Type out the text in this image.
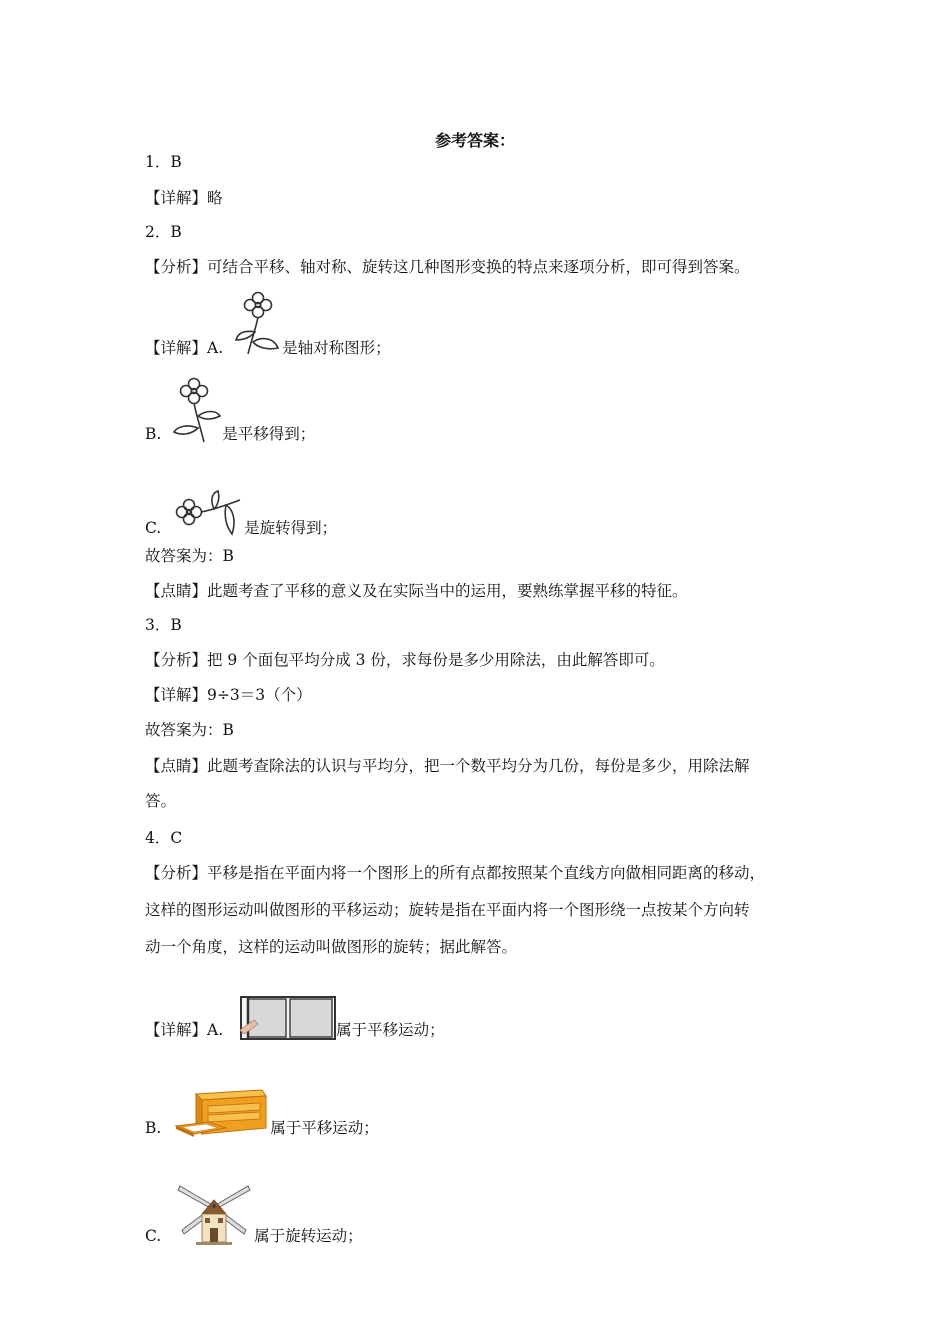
参考答案：
1．B
【详解】略
2．B
【分析】可结合平移、轴对称、旋转这几种图形变换的特点来逐项分析，即可得到答案。
【详解】A.	是轴对称图形；
B.	是平移得到；
C.	是旋转得到；
故答案为：B
【点睛】此题考查了平移的意义及在实际当中的运用，要熟练掌握平移的特征。
3．B
【分析】把 9 个面包平均分成 3 份，求每份是多少用除法，由此解答即可。
【详解】9÷3＝3（个）
故答案为：B
【点睛】此题考查除法的认识与平均分，把一个数平均分为几份，每份是多少，用除法解
答。
4．C
【分析】平移是指在平面内将一个图形上的所有点都按照某个直线方向做相同距离的移动，
这样的图形运动叫做图形的平移运动；旋转是指在平面内将一个图形绕一点按某个方向转
动一个角度，这样的运动叫做图形的旋转；据此解答。
【详解】A.	属于平移运动；
B.	属于平移运动；
C.	属于旋转运动；
